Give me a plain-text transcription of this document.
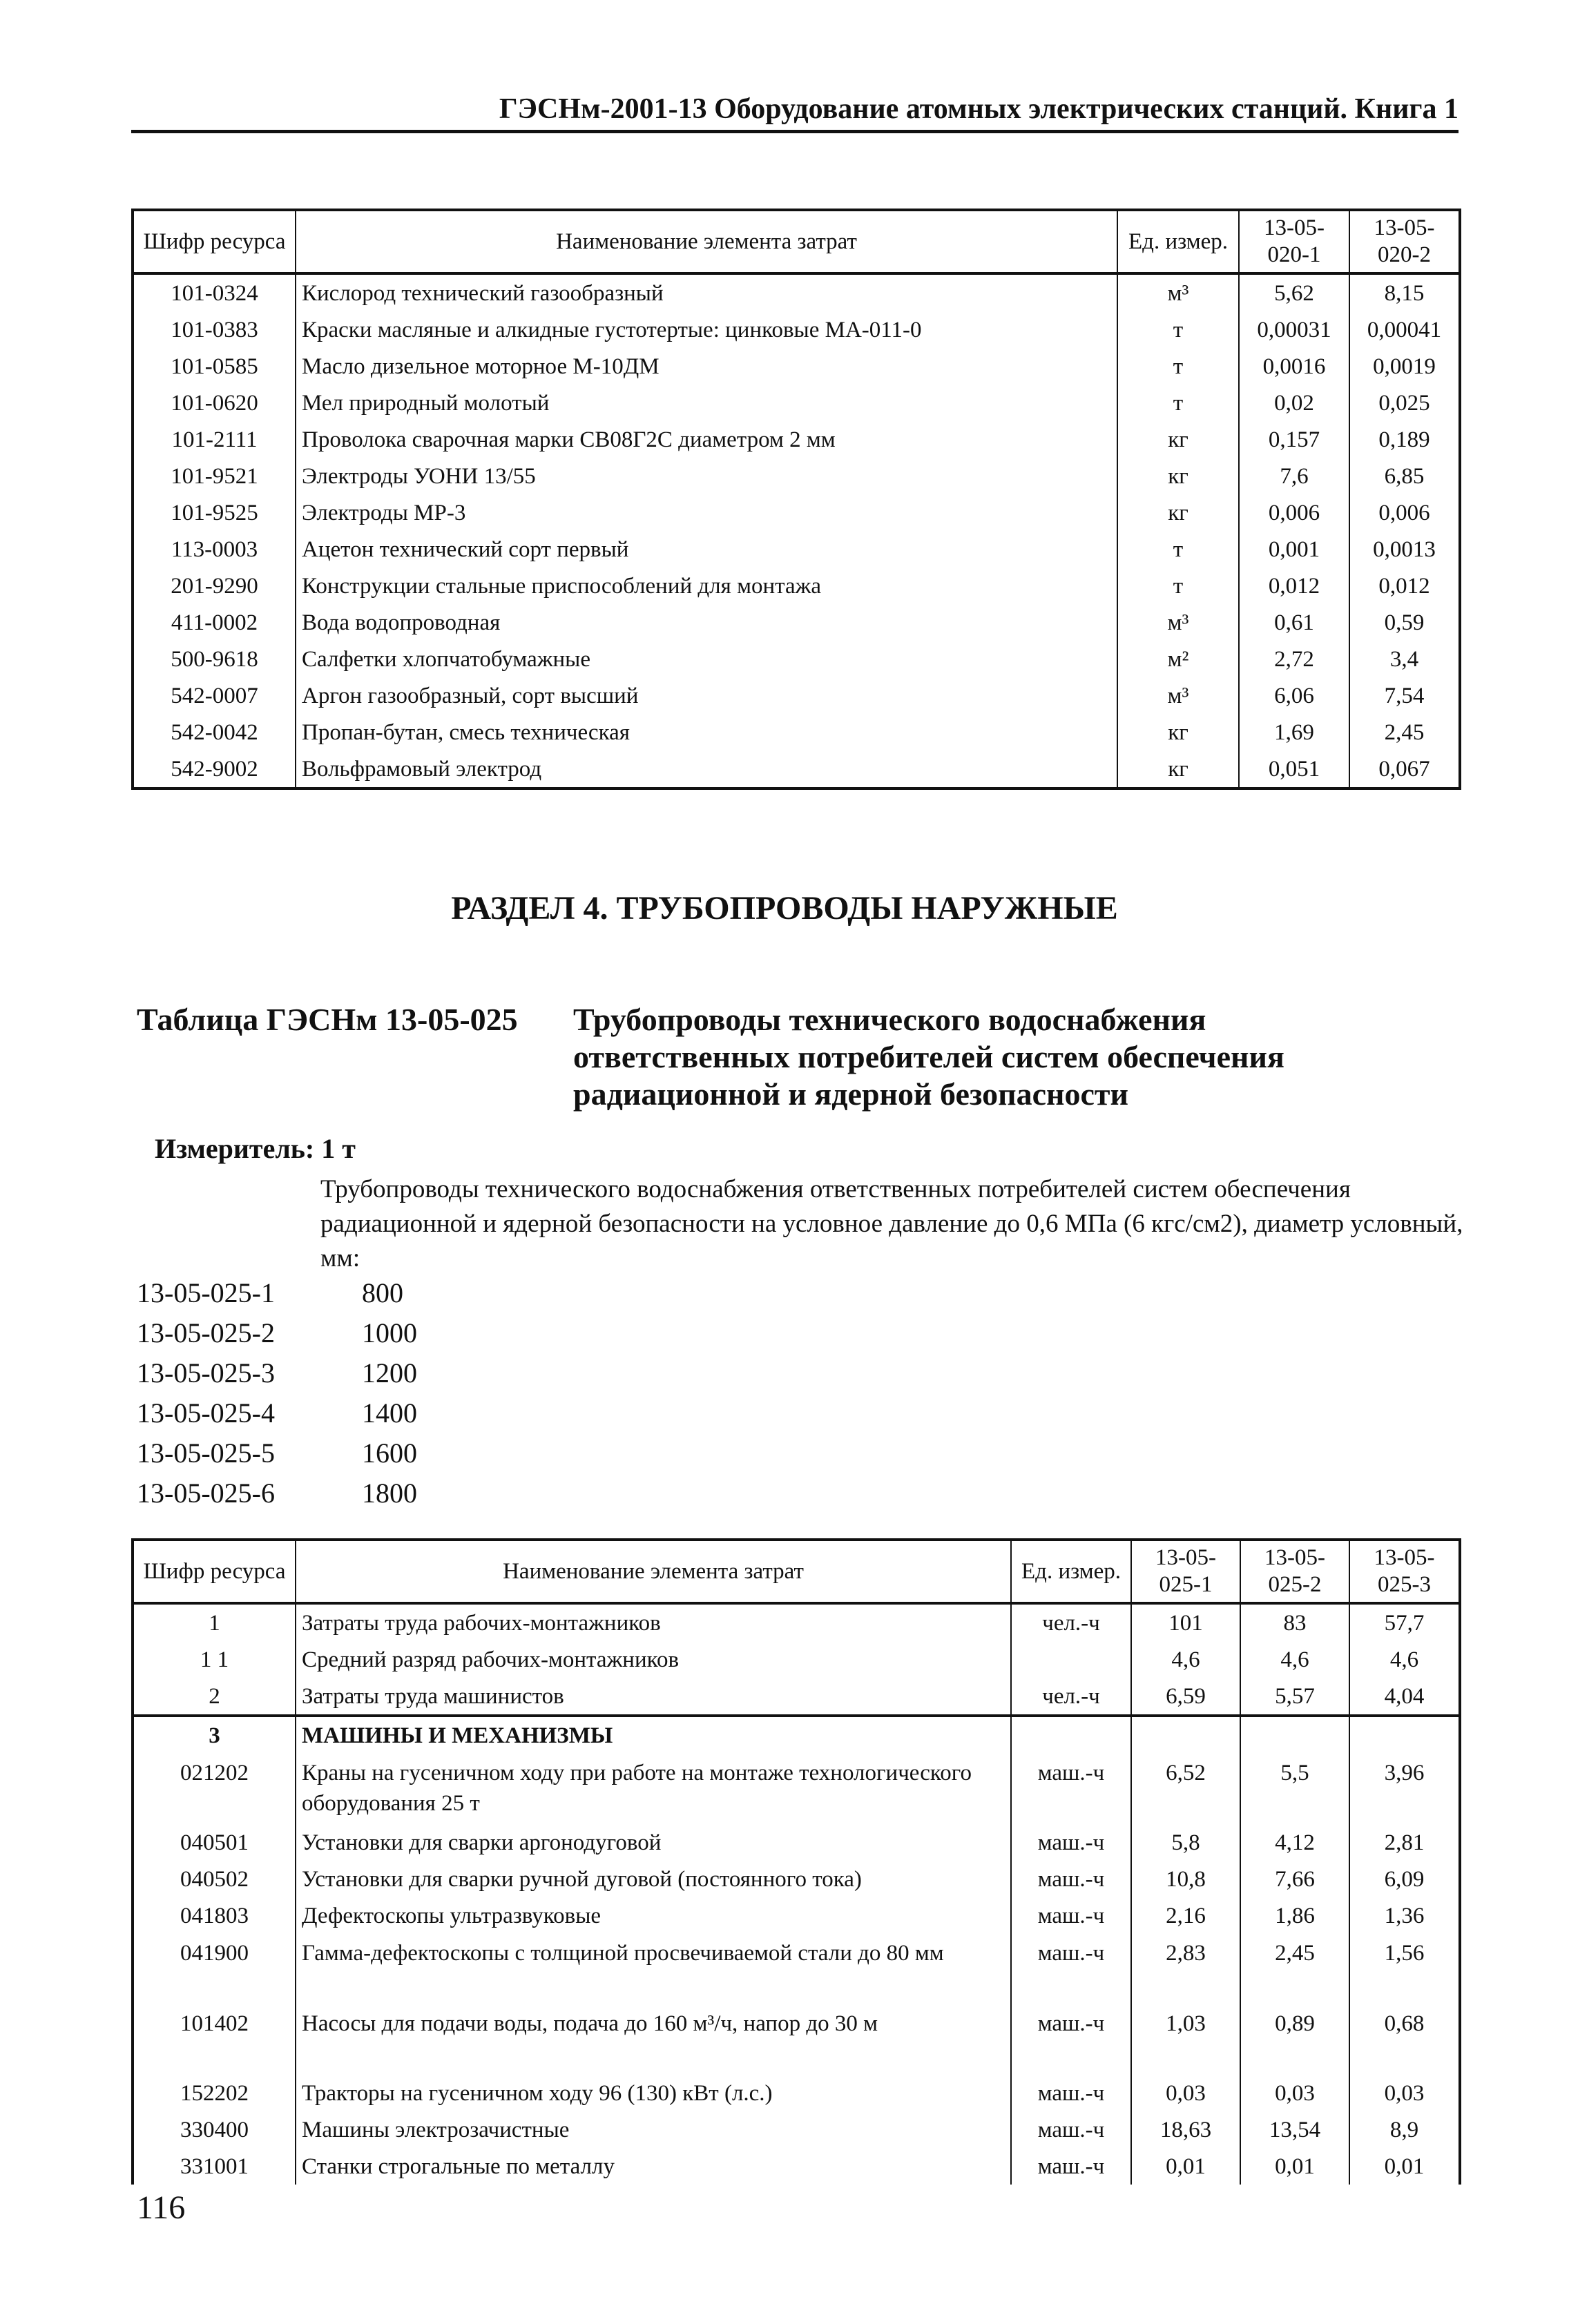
ГЭСНм-2001-13 Оборудование атомных электрических станций. Книга 1
Шифр ресурса	Наименование элемента затрат	Ед. измер.	13-05-020-1	13-05-020-2
101-0324	Кислород технический газообразный	м³	5,62	8,15
101-0383	Краски масляные и алкидные густотертые: цинковые МА-011-0	т	0,00031	0,00041
101-0585	Масло дизельное моторное М-10ДМ	т	0,0016	0,0019
101-0620	Мел природный молотый	т	0,02	0,025
101-2111	Проволока сварочная марки СВ08Г2С диаметром 2 мм	кг	0,157	0,189
101-9521	Электроды УОНИ 13/55	кг	7,6	6,85
101-9525	Электроды МР-3	кг	0,006	0,006
113-0003	Ацетон технический сорт первый	т	0,001	0,0013
201-9290	Конструкции стальные приспособлений для монтажа	т	0,012	0,012
411-0002	Вода водопроводная	м³	0,61	0,59
500-9618	Салфетки хлопчатобумажные	м²	2,72	3,4
542-0007	Аргон газообразный, сорт высший	м³	6,06	7,54
542-0042	Пропан-бутан, смесь техническая	кг	1,69	2,45
542-9002	Вольфрамовый электрод	кг	0,051	0,067
РАЗДЕЛ 4. ТРУБОПРОВОДЫ НАРУЖНЫЕ
Таблица ГЭСНм 13-05-025 Трубопроводы технического водоснабжения
ответственных потребителей систем обеспечения
радиационной и ядерной безопасности
Измеритель: 1 т
Трубопроводы технического водоснабжения ответственных потребителей систем обеспечения радиационной и ядерной безопасности на условное давление до 0,6 МПа (6 кгс/см2), диаметр условный, мм:
13-05-025-1	800
13-05-025-2	1000
13-05-025-3	1200
13-05-025-4	1400
13-05-025-5	1600
13-05-025-6	1800
Шифр ресурса	Наименование элемента затрат	Ед. измер.	13-05-025-1	13-05-025-2	13-05-025-3
1	Затраты труда рабочих-монтажников	чел.-ч	101	83	57,7
1 1	Средний разряд рабочих-монтажников		4,6	4,6	4,6
2	Затраты труда машинистов	чел.-ч	6,59	5,57	4,04
3	МАШИНЫ И МЕХАНИЗМЫ				
021202	Краны на гусеничном ходу при работе на монтаже технологического оборудования 25 т	маш.-ч	6,52	5,5	3,96
040501	Установки для сварки аргонодуговой	маш.-ч	5,8	4,12	2,81
040502	Установки для сварки ручной дуговой (постоянного тока)	маш.-ч	10,8	7,66	6,09
041803	Дефектоскопы ультразвуковые	маш.-ч	2,16	1,86	1,36
041900	Гамма-дефектоскопы с толщиной просвечиваемой стали до 80 мм	маш.-ч	2,83	2,45	1,56
101402	Насосы для подачи воды, подача до 160 м³/ч, напор до 30 м	маш.-ч	1,03	0,89	0,68
152202	Тракторы на гусеничном ходу 96 (130) кВт (л.с.)	маш.-ч	0,03	0,03	0,03
330400	Машины электрозачистные	маш.-ч	18,63	13,54	8,9
331001	Станки строгальные по металлу	маш.-ч	0,01	0,01	0,01
116
